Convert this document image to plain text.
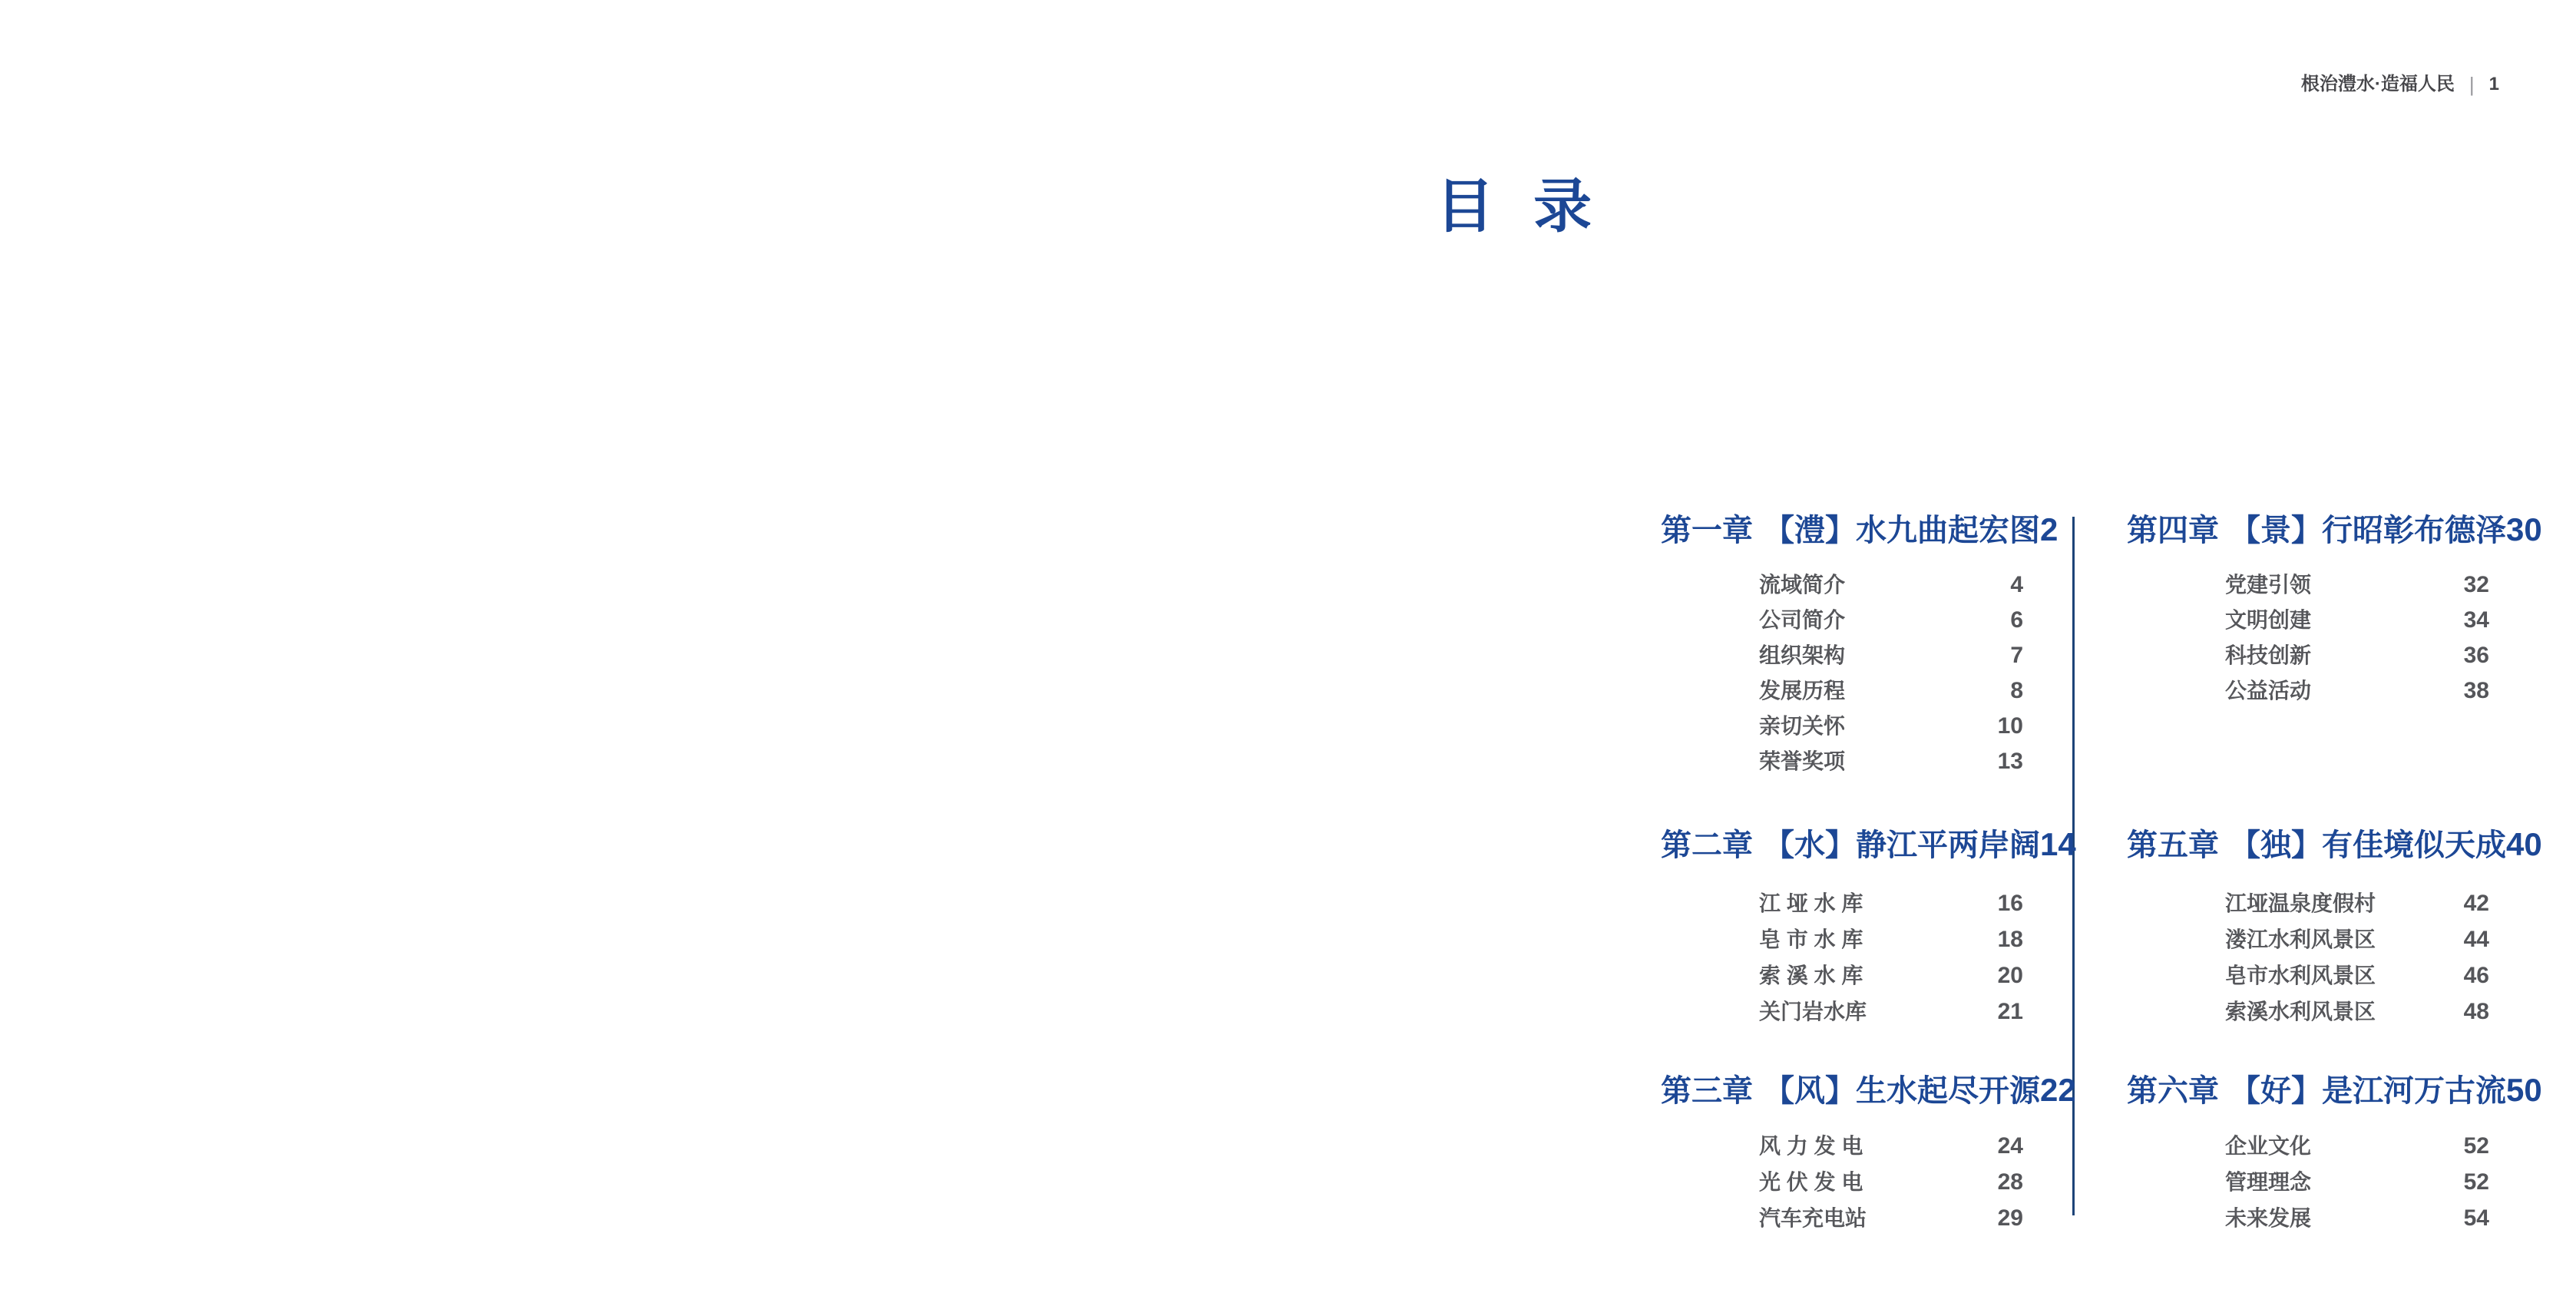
根治澧水·造福人民 | 1
目 录
第一章 【澧】水九曲起宏图 2
流域简介	4
公司简介	6
组织架构	7
发展历程	8
亲切关怀	10
荣誉奖项	13
第二章 【水】静江平两岸阔 14
江 垭 水 库	16
皂 市 水 库	18
索 溪 水 库	20
关门岩水库	21
第三章 【风】生水起尽开源 22
风 力 发 电	24
光 伏 发 电	28
汽车充电站	29
第四章 【景】行昭彰布德泽 30
党建引领	32
文明创建	34
科技创新	36
公益活动	38
第五章 【独】有佳境似天成 40
江垭温泉度假村	42
溇江水利风景区	44
皂市水利风景区	46
索溪水利风景区	48
第六章 【好】是江河万古流 50
企业文化	52
管理理念	52
未来发展	54
